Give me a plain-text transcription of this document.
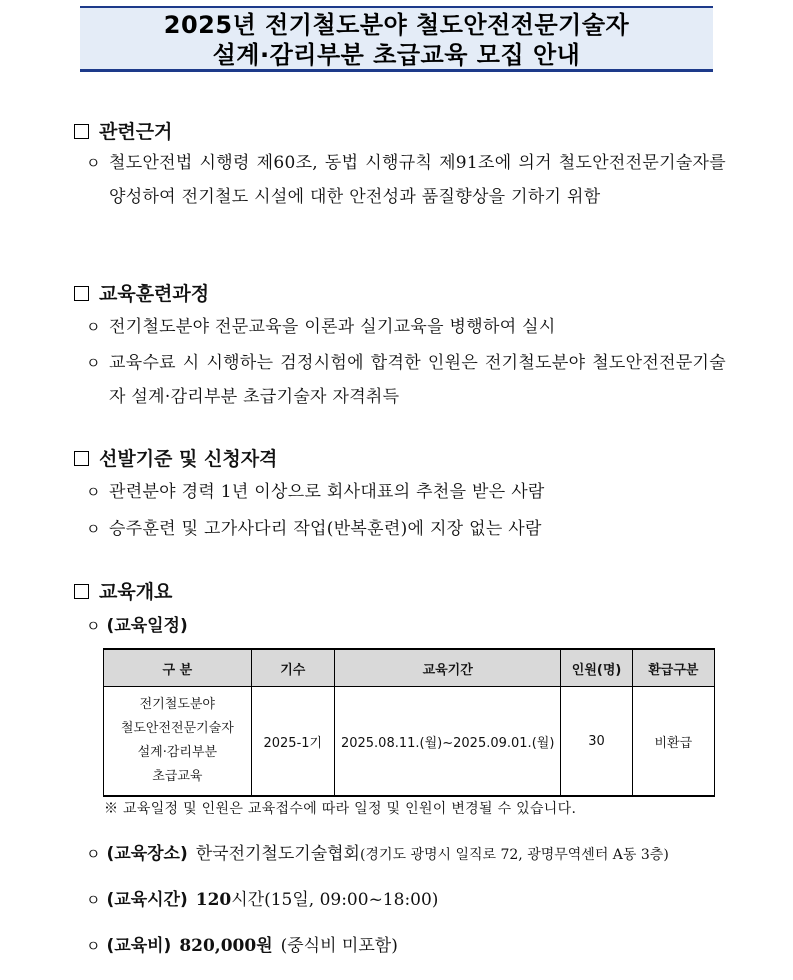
2025년 전기철도분야 철도안전전문기술자
설계·감리부분 초급교육 모집 안내
관련근거
ㅇ 철도안전법 시행령 제60조, 동법 시행규칙 제91조에 의거 철도안전전문기술자를 양성하여 전기철도 시설에 대한 안전성과 품질향상을 기하기 위함
교육훈련과정
ㅇ 전기철도분야 전문교육을 이론과 실기교육을 병행하여 실시
ㅇ 교육수료 시 시행하는 검정시험에 합격한 인원은 전기철도분야 철도안전전문기술자 설계·감리부분 초급기술자 자격취득
선발기준 및 신청자격
ㅇ 관련분야 경력 1년 이상으로 회사대표의 추천을 받은 사람
ㅇ 승주훈련 및 고가사다리 작업(반복훈련)에 지장 없는 사람
교육개요
ㅇ (교육일정)
구 분	기수	교육기간	인원(명)	환급구분

전기철도분야
철도안전전문기술자
설계·감리부분
초급교육	2025-1기	2025.08.11.(월)~2025.09.01.(월)	30	비환급
※ 교육일정 및 인원은 교육접수에 따라 일정 및 인원이 변경될 수 있습니다.
ㅇ (교육장소) 한국전기철도기술협회(경기도 광명시 일직로 72, 광명무역센터 A동 3층)
ㅇ (교육시간) 120시간(15일, 09:00~18:00)
ㅇ (교육비) 820,000원 (중식비 미포함)
